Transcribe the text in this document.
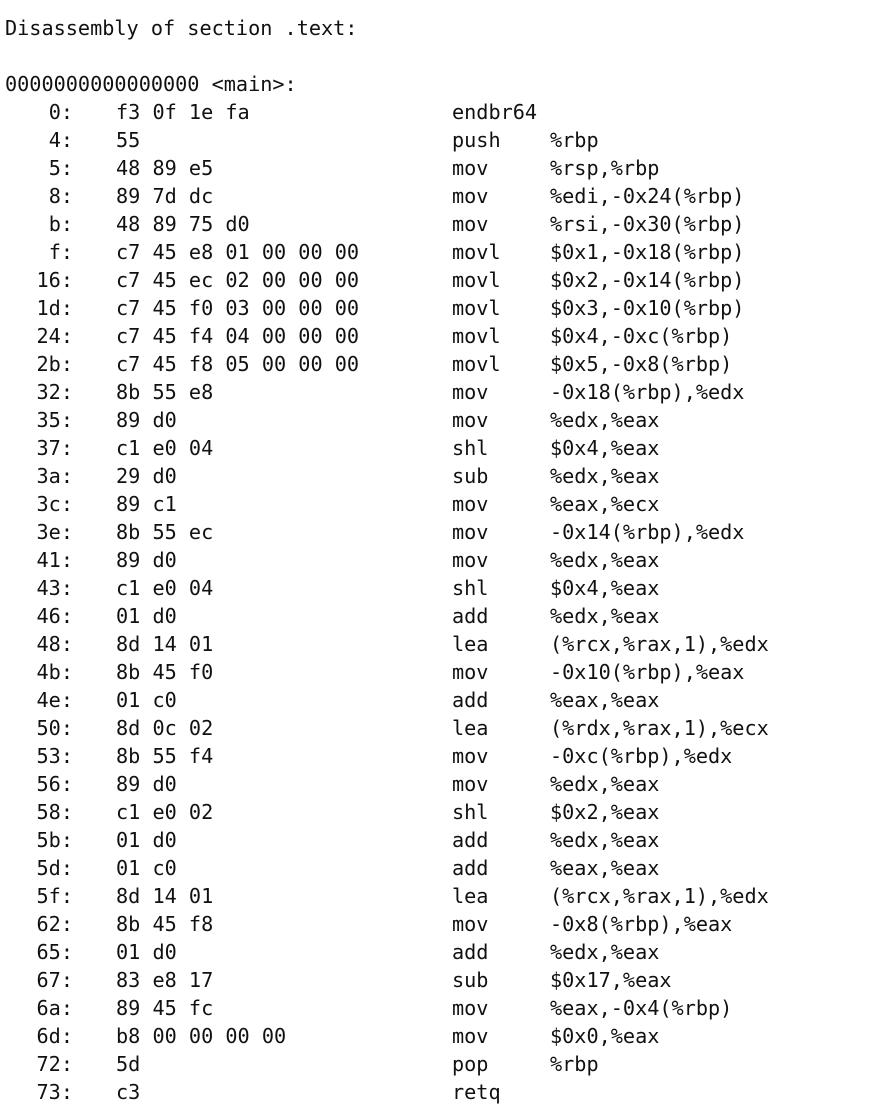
Disassembly of section .text:
0000000000000000 <main>:
0: f3 0f 1e fa	endbr64
4: 55	push %rbp
5: 48 89 e5	mov	%rsp,%rbp
8: 89 7d dc	mov	%edi,-0x24(%rbp)
b: 48 89 75 d0	mov	%rsi,-0x30(%rbp)
f: c7 45 e8 01 00 00 00	movl $0x1,-0x18(%rbp)
16: c7 45 ec 02 00 00 00	movl $0x2,-0x14(%rbp)
1d: c7 45 f0 03 00 00 00	movl $0x3,-0x10(%rbp)
24: c7 45 f4 04 00 00 00	movl $0x4,-0xc(%rbp)
2b: c7 45 f8 05 00 00 00	movl $0x5,-0x8(%rbp)
32: 8b 55 e8	mov	-0x18(%rbp),%edx
35: 89 d0	mov	%edx,%eax
37: c1 e0 04	shl	$0x4,%eax
3a: 29 d0	sub	%edx,%eax
3c: 89 c1	mov	%eax,%ecx
3e: 8b 55 ec	mov	-0x14(%rbp),%edx
41: 89 d0	mov	%edx,%eax
43: c1 e0 04	shl	$0x4,%eax
46: 01 d0	add	%edx,%eax
48: 8d 14 01	lea	(%rcx,%rax,1),%edx
4b: 8b 45 f0	mov	-0x10(%rbp),%eax
4e: 01 c0	add	%eax,%eax
50: 8d 0c 02	lea	(%rdx,%rax,1),%ecx
53: 8b 55 f4	mov	-0xc(%rbp),%edx
56: 89 d0	mov	%edx,%eax
58: c1 e0 02	shl	$0x2,%eax
5b: 01 d0	add	%edx,%eax
5d: 01 c0	add	%eax,%eax
5f: 8d 14 01	lea	(%rcx,%rax,1),%edx
62: 8b 45 f8	mov	-0x8(%rbp),%eax
65: 01 d0	add	%edx,%eax
67: 83 e8 17	sub	$0x17,%eax
6a: 89 45 fc	mov	%eax,-0x4(%rbp)
6d: b8 00 00 00 00	mov	$0x0,%eax
72: 5d	pop	%rbp
73: c3	retq
